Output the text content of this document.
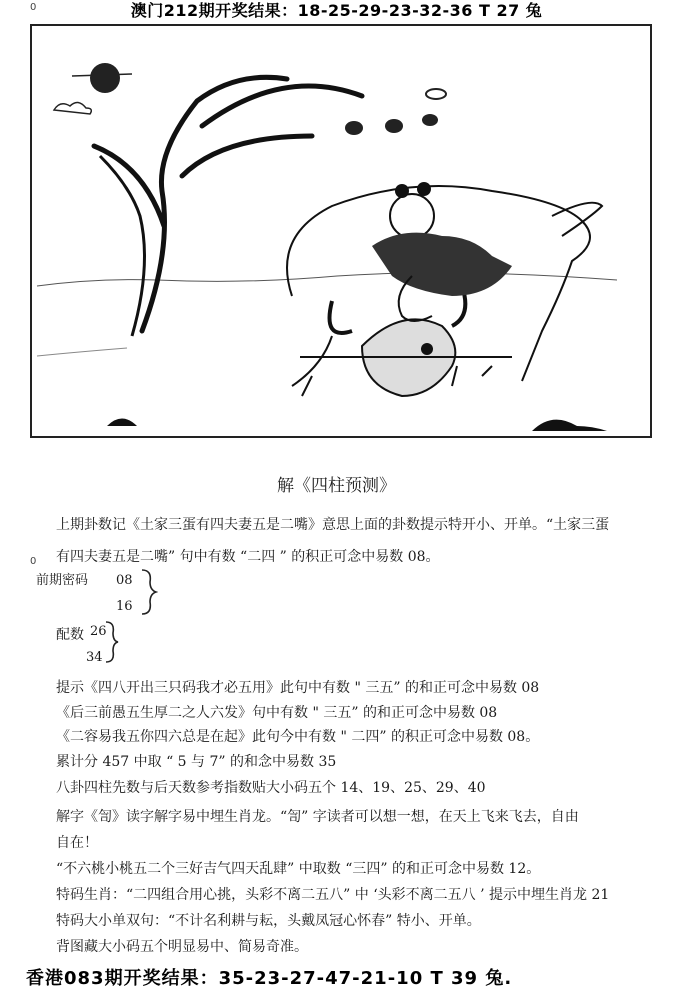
0	澳门212期开奖结果：18-25-29-23-32-36 T 27 兔
解《四柱预测》
上期卦数记《土家三蛋有四夫妻五是二嘴》意思上面的卦数提示特开小、开单。“土家三蛋
有四夫妻五是二嘴” 句中有数 “二四 ” 的积正可念中易数 08。
0
前期密码 08
16
配数 26
34
提示《四八开出三只码我才必五用》此句中有数 " 三五” 的和正可念中易数 08
《后三前愚五生厚二之人六发》句中有数 " 三五” 的和正可念中易数 08
《二容易我五你四六总是在起》此句今中有数 " 二四” 的积正可念中易数 08。
累计分 457 中取 “ 5 与 7” 的和念中易数 35
八卦四柱先数与后天数参考指数贴大小码五个 14、19、25、29、40
解字《訇》读字解字易中埋生肖龙。“訇” 字读者可以想一想，在天上飞来飞去，自由
自在！
“不六桃小桃五二个三好吉气四天乱肆” 中取数 “三四” 的和正可念中易数 12。
特码生肖：“二四组合用心挑，头彩不离二五八” 中 ‘头彩不离二五八 ’ 提示中埋生肖龙 21
特码大小单双句：“不计名利耕与耘，头戴凤冠心怀春” 特小、开单。
背图藏大小码五个明显易中、简易奇准。
香港083期开奖结果：35-23-27-47-21-10 T 39 兔.
